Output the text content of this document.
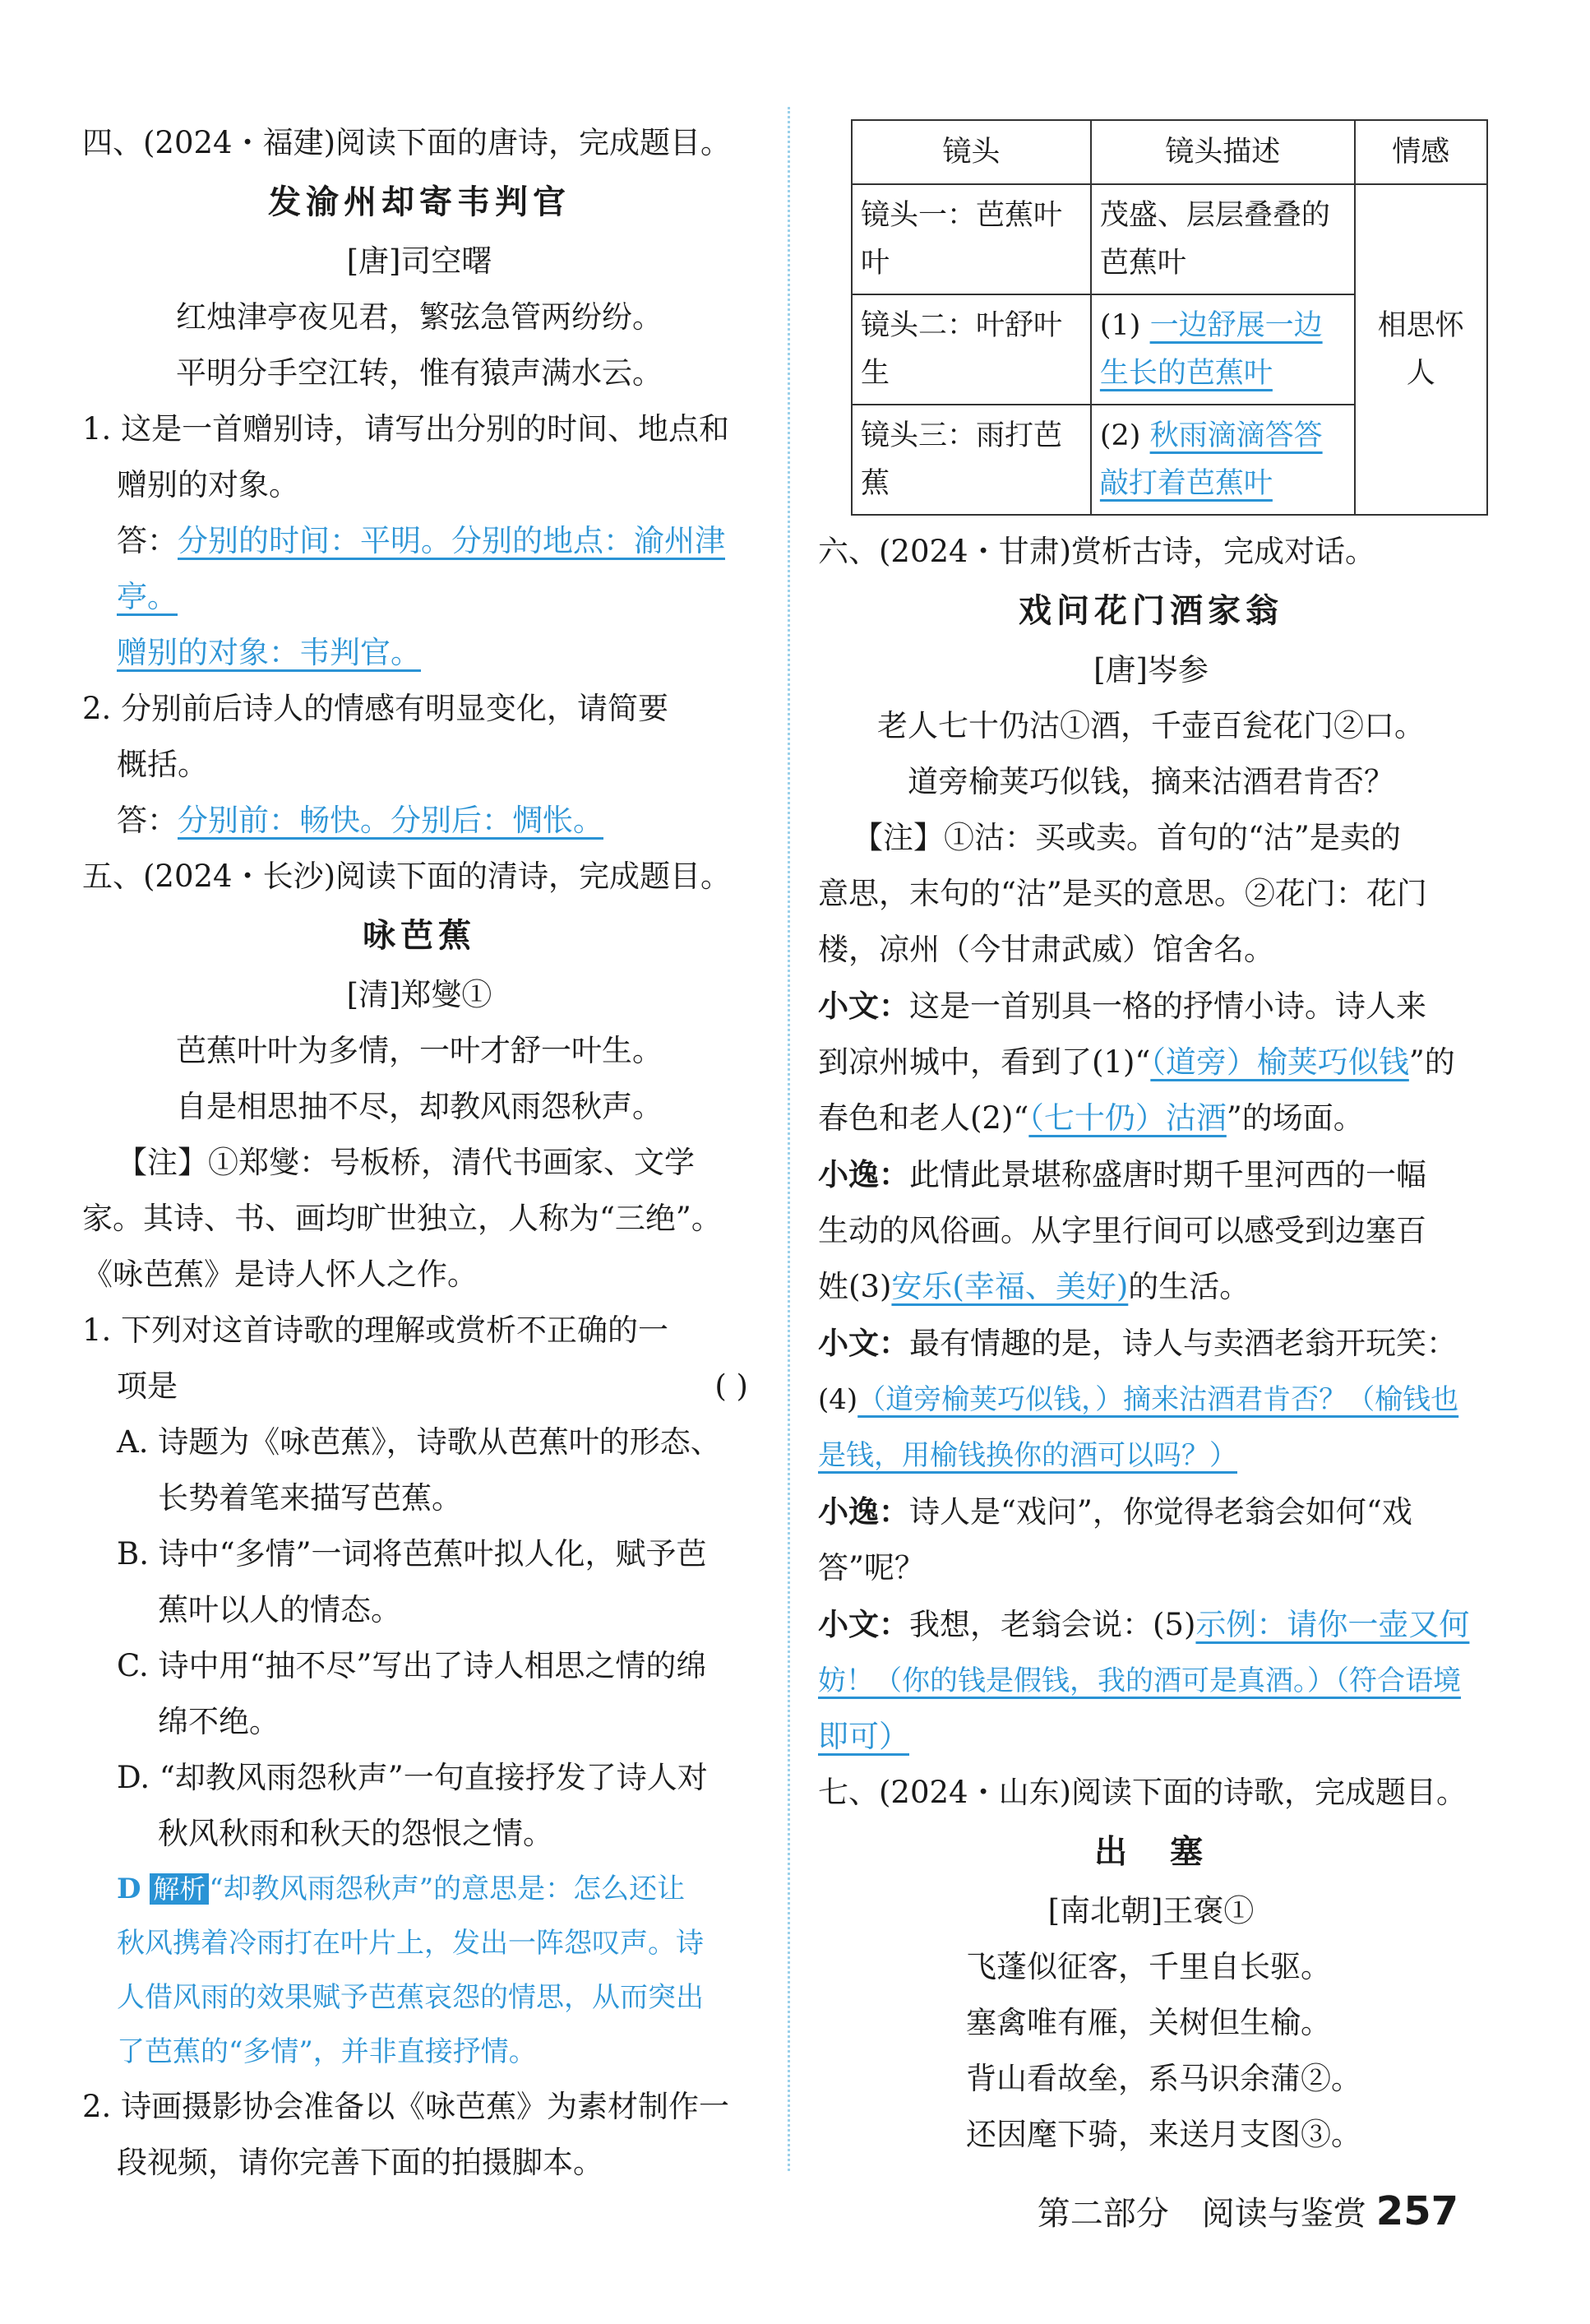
四、(2024・福建)阅读下面的唐诗，完成题目。
发渝州却寄韦判官
[唐]司空曙
红烛津亭夜见君，繁弦急管两纷纷。
平明分手空江转，惟有猿声满水云。
1. 这是一首赠别诗，请写出分别的时间、地点和
赠别的对象。
答：分别的时间：平明。分别的地点：渝州津亭。
赠别的对象：韦判官。
2. 分别前后诗人的情感有明显变化，请简要
概括。
答：分别前：畅快。分别后：惆怅。
五、(2024・长沙)阅读下面的清诗，完成题目。
咏芭蕉
[清]郑燮①
芭蕉叶叶为多情，一叶才舒一叶生。
自是相思抽不尽，却教风雨怨秋声。
【注】①郑燮：号板桥，清代书画家、文学
家。其诗、书、画均旷世独立，人称为“三绝”。
《咏芭蕉》是诗人怀人之作。
1. 下列对这首诗歌的理解或赏析不正确的一
项是	( )
A. 诗题为《咏芭蕉》，诗歌从芭蕉叶的形态、
长势着笔来描写芭蕉。
B. 诗中“多情”一词将芭蕉叶拟人化，赋予芭
蕉叶以人的情态。
C. 诗中用“抽不尽”写出了诗人相思之情的绵
绵不绝。
D. “却教风雨怨秋声”一句直接抒发了诗人对
秋风秋雨和秋天的怨恨之情。
D 解析 “却教风雨怨秋声”的意思是：怎么还让
秋风携着冷雨打在叶片上，发出一阵怨叹声。诗
人借风雨的效果赋予芭蕉哀怨的情思，从而突出
了芭蕉的“多情”，并非直接抒情。
2. 诗画摄影协会准备以《咏芭蕉》为素材制作一
段视频，请你完善下面的拍摄脚本。
镜头	镜头描述	情感
镜头一：芭蕉叶叶	茂盛、层层叠叠的
芭蕉叶	相思怀人
镜头二：叶舒叶生	(1) 一边舒展一边
生长的芭蕉叶	

镜头三：雨打芭蕉	(2) 秋雨滴滴答答
敲打着芭蕉叶	
六、(2024・甘肃)赏析古诗，完成对话。
戏问花门酒家翁
[唐]岑参
老人七十仍沽①酒，千壶百瓮花门②口。
道旁榆荚巧似钱，摘来沽酒君肯否？
【注】①沽：买或卖。首句的“沽”是卖的
意思，末句的“沽”是买的意思。②花门：花门
楼，凉州（今甘肃武威）馆舍名。
小文：这是一首别具一格的抒情小诗。诗人来
到凉州城中，看到了(1)“（道旁）榆荚巧似钱”的
春色和老人(2)“（七十仍）沽酒”的场面。
小逸：此情此景堪称盛唐时期千里河西的一幅
生动的风俗画。从字里行间可以感受到边塞百
姓(3)安乐(幸福、美好)的生活。
小文：最有情趣的是，诗人与卖酒老翁开玩笑：
(4)（道旁榆荚巧似钱，）摘来沽酒君肯否？（榆钱也
是钱，用榆钱换你的酒可以吗？）
小逸：诗人是“戏问”，你觉得老翁会如何“戏
答”呢？
小文：我想，老翁会说：(5)示例：请你一壶又何
妨！（你的钱是假钱，我的酒可是真酒。）（符合语境
即可）
七、(2024・山东)阅读下面的诗歌，完成题目。
出　塞
[南北朝]王褒①
飞蓬似征客，千里自长驱。
塞禽唯有雁，关树但生榆。
背山看故垒，系马识余蒲②。
还因麾下骑，来送月支图③。
第二部分　阅读与鉴赏 257
